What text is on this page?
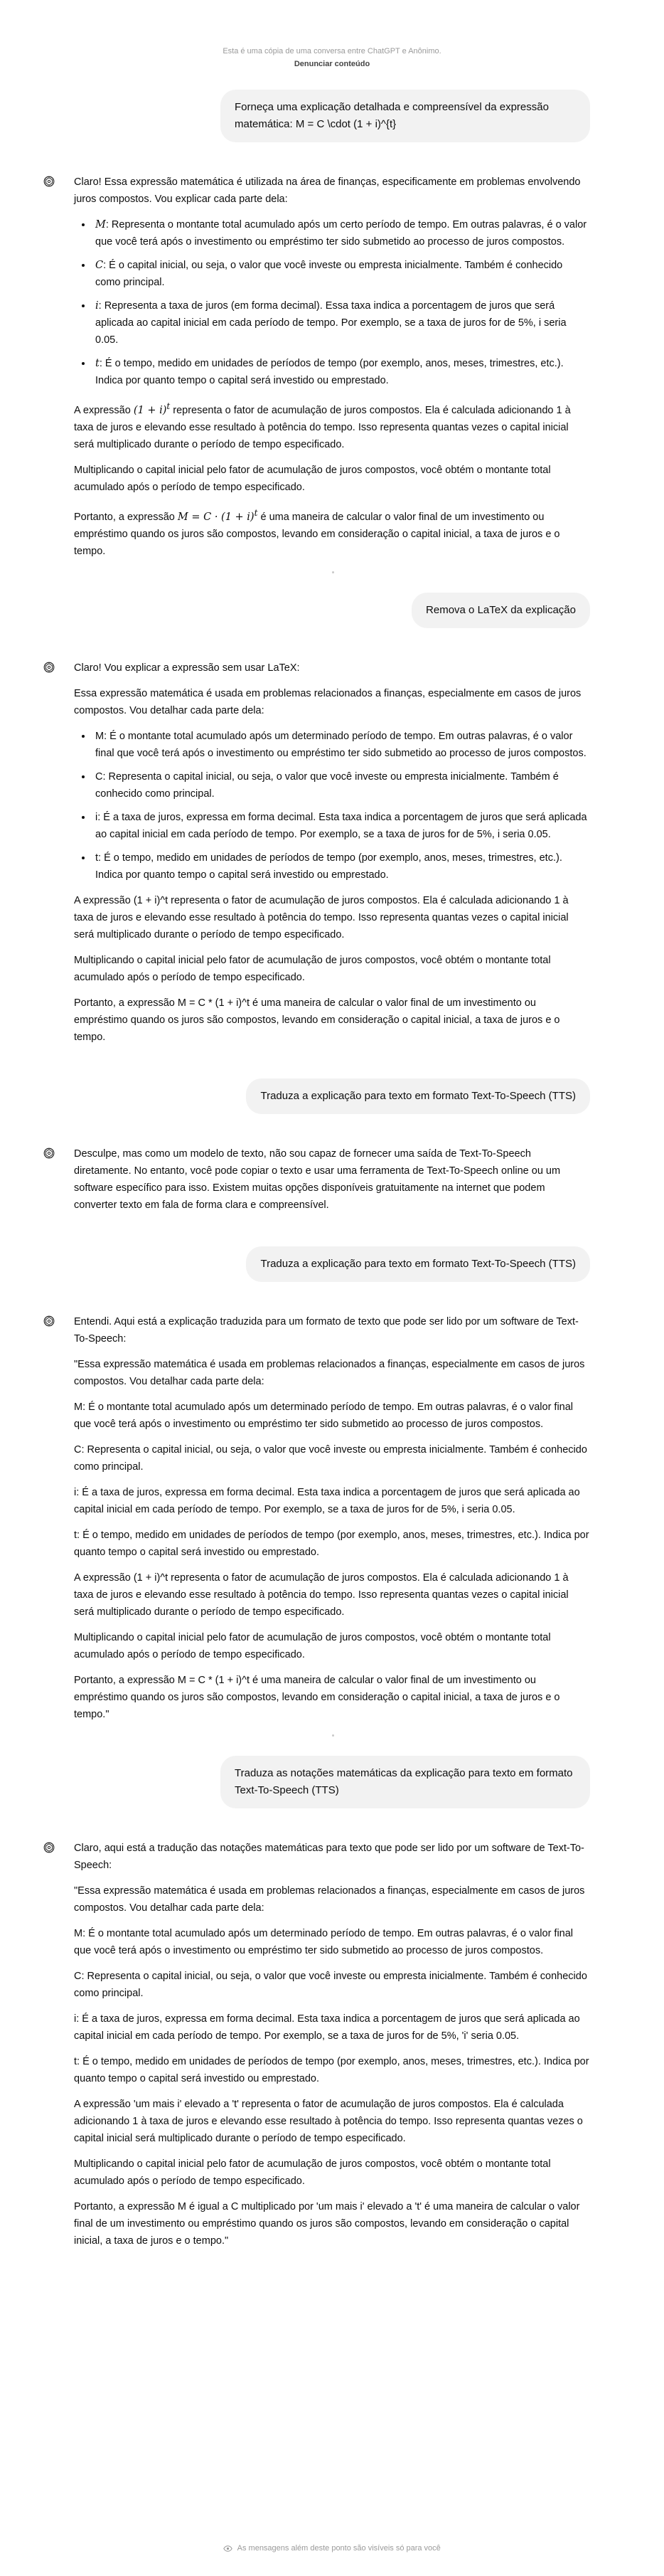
Esta é uma cópia de uma conversa entre ChatGPT e Anônimo.
Denunciar conteúdo
Forneça uma explicação detalhada e compreensível da expressão matemática: M = C \cdot (1 + i)^{t}

Claro! Essa expressão matemática é utilizada na área de finanças, especificamente em problemas envolvendo juros compostos. Vou explicar cada parte dela:

• M: Representa o montante total acumulado após um certo período de tempo. Em outras palavras, é o valor que você terá após o investimento ou empréstimo ter sido submetido ao processo de juros compostos.
• C: É o capital inicial, ou seja, o valor que você investe ou empresta inicialmente. Também é conhecido como principal.
• i: Representa a taxa de juros (em forma decimal). Essa taxa indica a porcentagem de juros que será aplicada ao capital inicial em cada período de tempo. Por exemplo, se a taxa de juros for de 5%, i seria 0.05.
• t: É o tempo, medido em unidades de períodos de tempo (por exemplo, anos, meses, trimestres, etc.). Indica por quanto tempo o capital será investido ou emprestado.

A expressão $(1 + i)^t$ representa o fator de acumulação de juros compostos. Ela é calculada adicionando 1 à taxa de juros e elevando esse resultado à potência do tempo. Isso representa quantas vezes o capital inicial será multiplicado durante o período de tempo especificado.

Multiplicando o capital inicial pelo fator de acumulação de juros compostos, você obtém o montante total acumulado após o período de tempo especificado.

Portanto, a expressão $M = C \cdot (1 + i)^t$ é uma maneira de calcular o valor final de um investimento ou empréstimo quando os juros são compostos, levando em consideração o capital inicial, a taxa de juros e o tempo.

Remova o LaTeX da explicação

Claro! Vou explicar a expressão sem usar LaTeX:

Essa expressão matemática é usada em problemas relacionados a finanças, especialmente em casos de juros compostos. Vou detalhar cada parte dela:

• M: É o montante total acumulado após um determinado período de tempo. Em outras palavras, é o valor final que você terá após o investimento ou empréstimo ter sido submetido ao processo de juros compostos.
• C: Representa o capital inicial, ou seja, o valor que você investe ou empresta inicialmente. Também é conhecido como principal.
• i: É a taxa de juros, expressa em forma decimal. Esta taxa indica a porcentagem de juros que será aplicada ao capital inicial em cada período de tempo. Por exemplo, se a taxa de juros for de 5%, i seria 0.05.
• t: É o tempo, medido em unidades de períodos de tempo (por exemplo, anos, meses, trimestres, etc.). Indica por quanto tempo o capital será investido ou emprestado.

A expressão (1 + i)^t representa o fator de acumulação de juros compostos. Ela é calculada adicionando 1 à taxa de juros e elevando esse resultado à potência do tempo. Isso representa quantas vezes o capital inicial será multiplicado durante o período de tempo especificado.

Multiplicando o capital inicial pelo fator de acumulação de juros compostos, você obtém o montante total acumulado após o período de tempo especificado.

Portanto, a expressão M = C * (1 + i)^t é uma maneira de calcular o valor final de um investimento ou empréstimo quando os juros são compostos, levando em consideração o capital inicial, a taxa de juros e o tempo.

Traduza a explicação para texto em formato Text-To-Speech (TTS)

Desculpe, mas como um modelo de texto, não sou capaz de fornecer uma saída de Text-To-Speech diretamente. No entanto, você pode copiar o texto e usar uma ferramenta de Text-To-Speech online ou um software específico para isso. Existem muitas opções disponíveis gratuitamente na internet que podem converter texto em fala de forma clara e compreensível.

Traduza a explicação para texto em formato Text-To-Speech (TTS)

Entendi. Aqui está a explicação traduzida para um formato de texto que pode ser lido por um software de Text-To-Speech:

"Essa expressão matemática é usada em problemas relacionados a finanças, especialmente em casos de juros compostos. Vou detalhar cada parte dela:

M: É o montante total acumulado após um determinado período de tempo. Em outras palavras, é o valor final que você terá após o investimento ou empréstimo ter sido submetido ao processo de juros compostos.

C: Representa o capital inicial, ou seja, o valor que você investe ou empresta inicialmente. Também é conhecido como principal.

i: É a taxa de juros, expressa em forma decimal. Esta taxa indica a porcentagem de juros que será aplicada ao capital inicial em cada período de tempo. Por exemplo, se a taxa de juros for de 5%, i seria 0.05.

t: É o tempo, medido em unidades de períodos de tempo (por exemplo, anos, meses, trimestres, etc.). Indica por quanto tempo o capital será investido ou emprestado.

A expressão (1 + i)^t representa o fator de acumulação de juros compostos. Ela é calculada adicionando 1 à taxa de juros e elevando esse resultado à potência do tempo. Isso representa quantas vezes o capital inicial será multiplicado durante o período de tempo especificado.

Multiplicando o capital inicial pelo fator de acumulação de juros compostos, você obtém o montante total acumulado após o período de tempo especificado.

Portanto, a expressão M = C * (1 + i)^t é uma maneira de calcular o valor final de um investimento ou empréstimo quando os juros são compostos, levando em consideração o capital inicial, a taxa de juros e o tempo."

Traduza as notações matemáticas da explicação para texto em formato Text-To-Speech (TTS)

Claro, aqui está a tradução das notações matemáticas para texto que pode ser lido por um software de Text-To-Speech:

"Essa expressão matemática é usada em problemas relacionados a finanças, especialmente em casos de juros compostos. Vou detalhar cada parte dela:

M: É o montante total acumulado após um determinado período de tempo. Em outras palavras, é o valor final que você terá após o investimento ou empréstimo ter sido submetido ao processo de juros compostos.

C: Representa o capital inicial, ou seja, o valor que você investe ou empresta inicialmente. Também é conhecido como principal.

i: É a taxa de juros, expressa em forma decimal. Esta taxa indica a porcentagem de juros que será aplicada ao capital inicial em cada período de tempo. Por exemplo, se a taxa de juros for de 5%, 'i' seria 0.05.

t: É o tempo, medido em unidades de períodos de tempo (por exemplo, anos, meses, trimestres, etc.). Indica por quanto tempo o capital será investido ou emprestado.

A expressão 'um mais i' elevado a 't' representa o fator de acumulação de juros compostos. Ela é calculada adicionando 1 à taxa de juros e elevando esse resultado à potência do tempo. Isso representa quantas vezes o capital inicial será multiplicado durante o período de tempo especificado.

Multiplicando o capital inicial pelo fator de acumulação de juros compostos, você obtém o montante total acumulado após o período de tempo especificado.

Portanto, a expressão M é igual a C multiplicado por 'um mais i' elevado a 't' é uma maneira de calcular o valor final de um investimento ou empréstimo quando os juros são compostos, levando em consideração o capital inicial, a taxa de juros e o tempo."

As mensagens além deste ponto são visíveis só para você
